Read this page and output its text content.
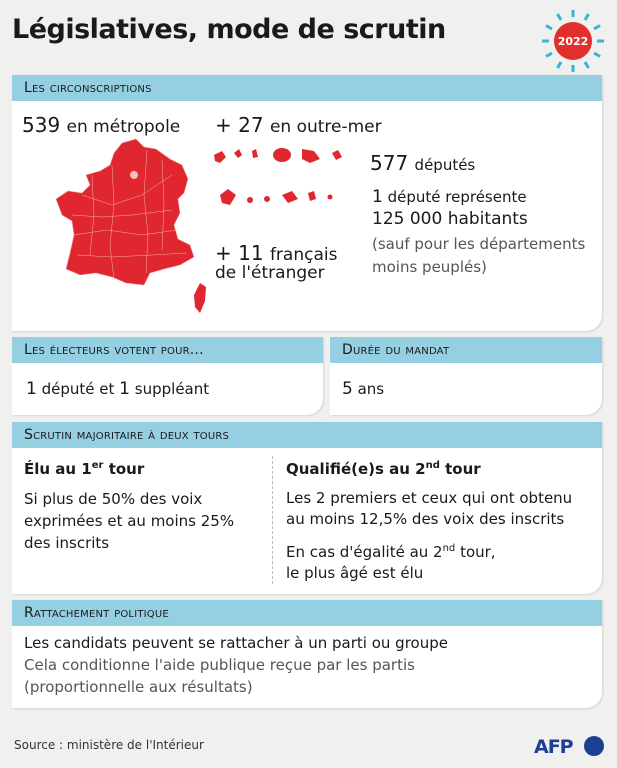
Législatives, mode de scrutin	2022
Les circonscriptions
539 en métropole + 27 en outre-mer
+ 11 français
de l'étranger
577 députés
1 député représente
125 000 habitants
(sauf pour les départements
moins peuplés)
Les électeurs votent pour...
1 député et 1 suppléant
Durée du mandat
5 ans
Scrutin majoritaire à deux tours
Élu au 1er tour
Si plus de 50% des voix
exprimées et au moins 25%
des inscrits
Qualifié(e)s au 2nd tour
Les 2 premiers et ceux qui ont obtenu
au moins 12,5% des voix des inscrits
En cas d'égalité au 2nd tour,
le plus âgé est élu
Rattachement politique
Les candidats peuvent se rattacher à un parti ou groupe
Cela conditionne l'aide publique reçue par les partis
(proportionnelle aux résultats)
Source : ministère de l'Intérieur	AFP
